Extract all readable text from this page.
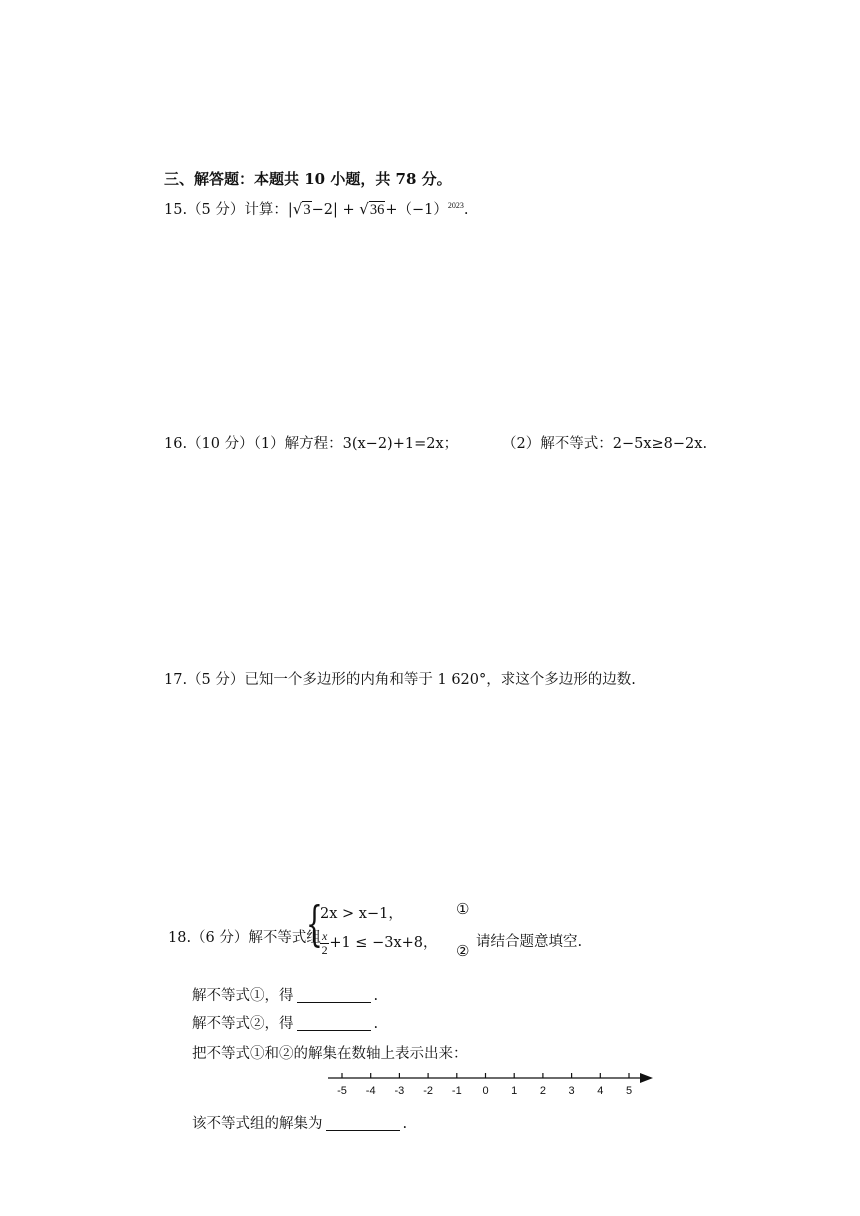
三、解答题：本题共 10 小题，共 78 分。
15.（5 分）计算：$|√3-2| + √36+(-1)^{2023}$.
16.（10 分）（1）解方程：3(x−2)+1=2x；	（2）解不等式：2−5x≥8−2x.
17.（5 分）已知一个多边形的内角和等于 1 620°，求这个多边形的边数.
18.（6 分）解不等式组
{
2x > x−1，
$\frac{x}{2} +1 \le -3x+8$，
①
② 请结合题意填空.
解不等式①，得	.
解不等式②，得	.
把不等式①和②的解集在数轴上表示出来：
-5 -4 -3 -2 -1 0 1 2 3 4 5
该不等式组的解集为	.
